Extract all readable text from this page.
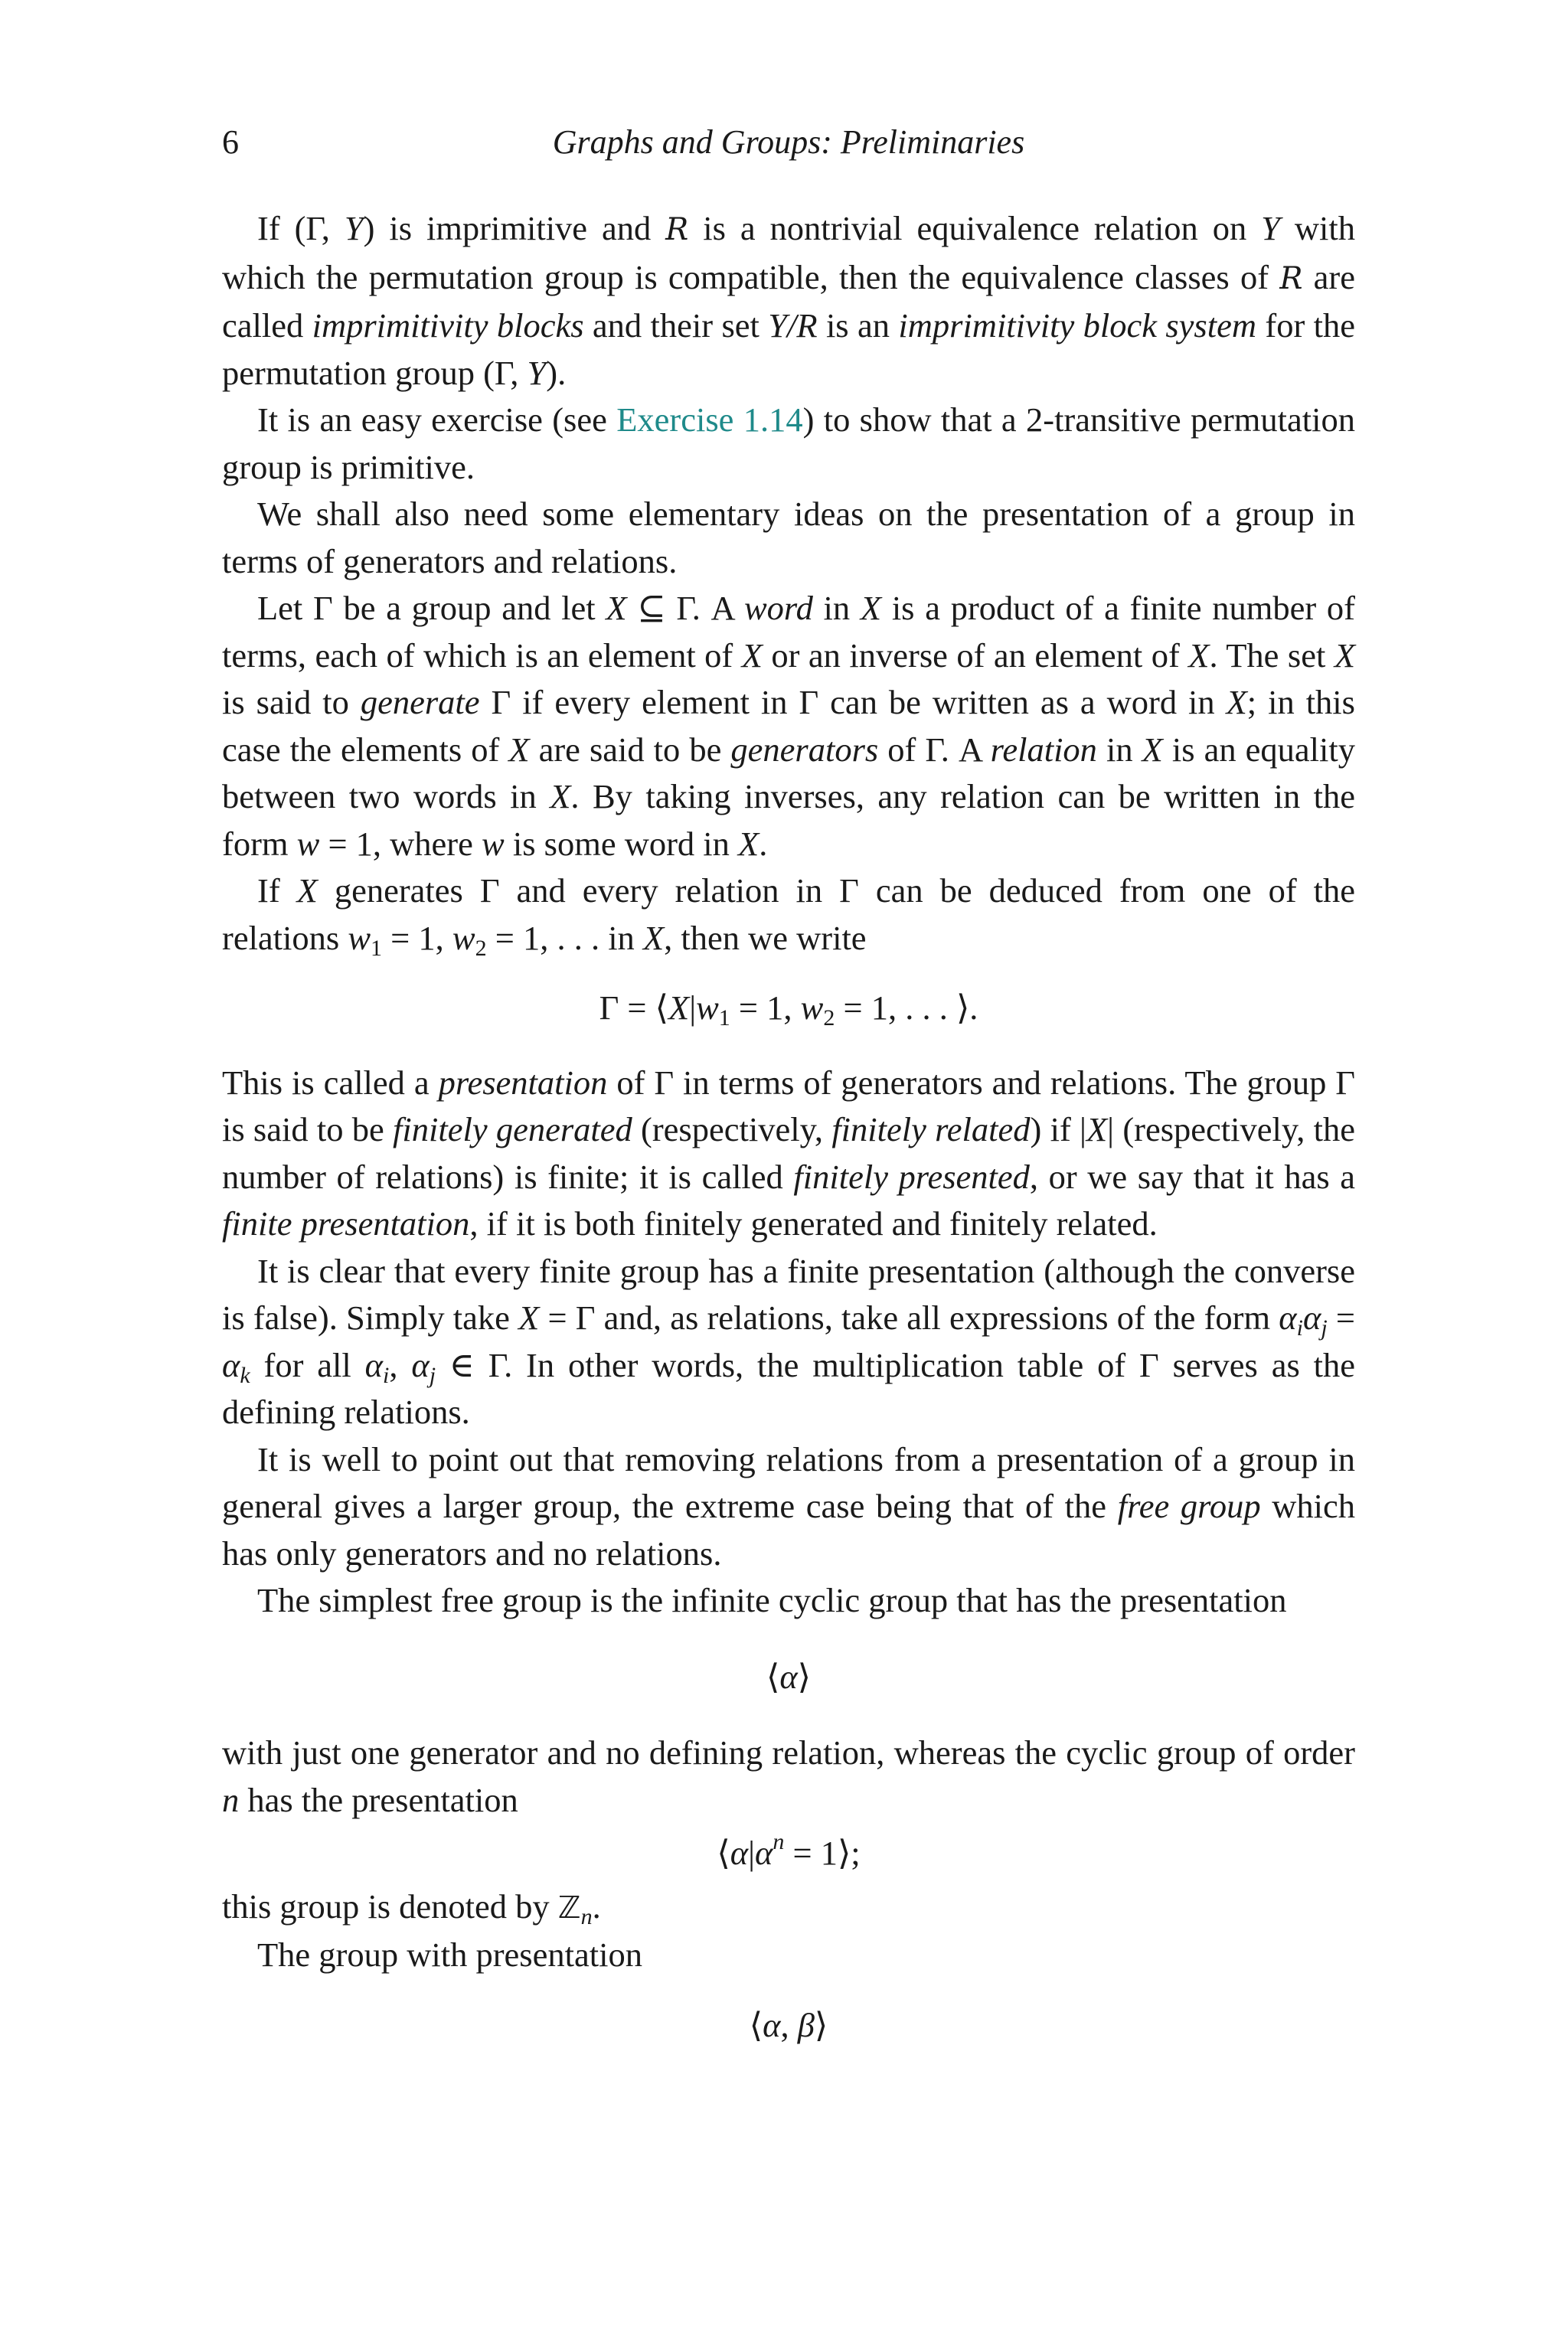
6	Graphs and Groups: Preliminaries

If (Γ, Y) is imprimitive and R is a nontrivial equivalence relation on Y with which the permutation group is compatible, then the equivalence classes of R are called imprimitivity blocks and their set Y/R is an imprimitivity block system for the permutation group (Γ, Y).

It is an easy exercise (see Exercise 1.14) to show that a 2-transitive permutation group is primitive.

We shall also need some elementary ideas on the presentation of a group in terms of generators and relations.

Let Γ be a group and let X ⊆ Γ. A word in X is a product of a finite number of terms, each of which is an element of X or an inverse of an element of X. The set X is said to generate Γ if every element in Γ can be written as a word in X; in this case the elements of X are said to be generators of Γ. A relation in X is an equality between two words in X. By taking inverses, any relation can be written in the form w = 1, where w is some word in X.

If X generates Γ and every relation in Γ can be deduced from one of the relations $w_1 = 1$, $w_2 = 1$, . . . in X, then we write

$\Gamma = ⟨X|w_1 = 1$, $w_2 = 1$, . . . ⟩.

This is called a presentation of Γ in terms of generators and relations. The group Γ is said to be finitely generated (respectively, finitely related) if |X| (respectively, the number of relations) is finite; it is called finitely presented, or we say that it has a finite presentation, if it is both finitely generated and finitely related.

It is clear that every finite group has a finite presentation (although the converse is false). Simply take X = Γ and, as relations, take all expressions of the form $\alpha_i\alpha_j = \alpha_k$ for all $\alpha_i$, $\alpha_j$ ∈ Γ. In other words, the multiplication table of Γ serves as the defining relations.

It is well to point out that removing relations from a presentation of a group in general gives a larger group, the extreme case being that of the free group which has only generators and no relations.

The simplest free group is the infinite cyclic group that has the presentation

⟨α⟩

with just one generator and no defining relation, whereas the cyclic group of order n has the presentation

$⟨\alpha|\alpha^n$ = 1⟩;

this group is denoted by ℤ$_n$.

The group with presentation

⟨α, β⟩
